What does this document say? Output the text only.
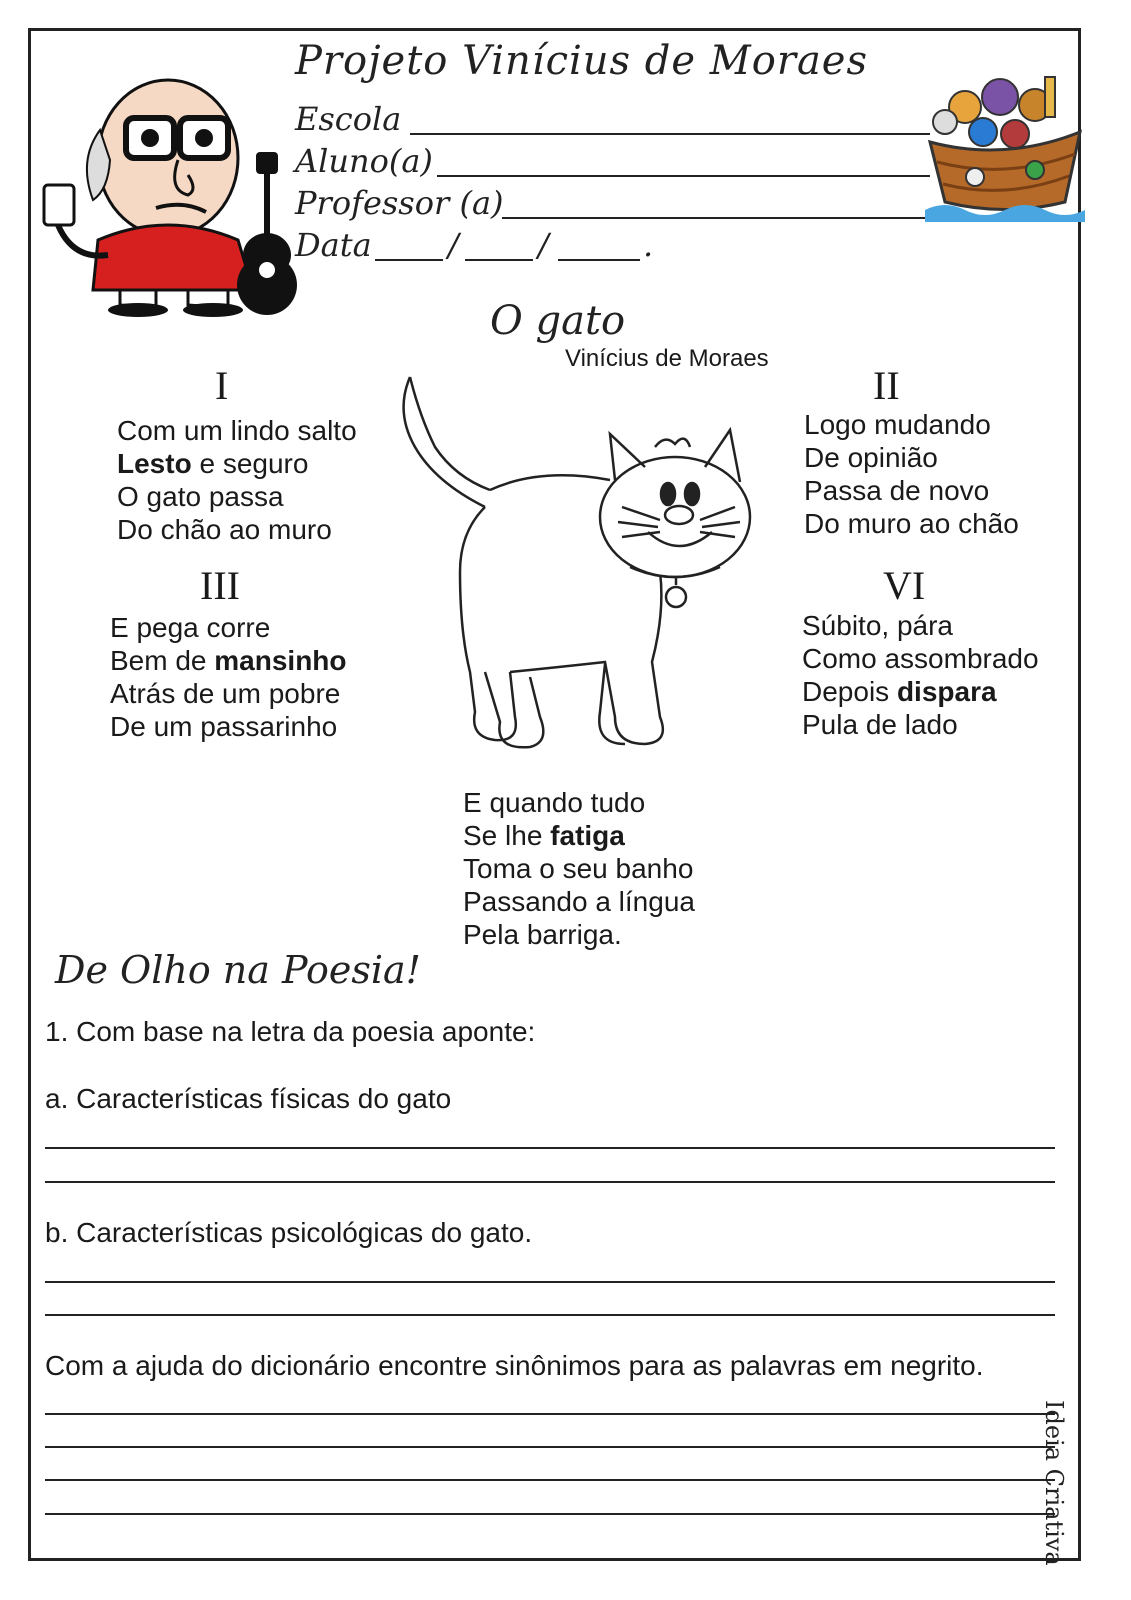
Projeto Vinícius de Moraes
Escola
Aluno(a)
Professor (a)
Data / /	.
O gato
Vinícius de Moraes
I
Com um lindo salto
Lesto e seguro
O gato passa
Do chão ao muro
III
E pega corre
Bem de mansinho
Atrás de um pobre
De um passarinho
II
Logo mudando
De opinião
Passa de novo
Do muro ao chão
VI
Súbito, pára
Como assombrado
Depois dispara
Pula de lado
E quando tudo
Se lhe fatiga
Toma o seu banho
Passando a língua
Pela barriga.
De Olho na Poesia!
1. Com base na letra da poesia aponte:
a. Características físicas do gato
b. Características psicológicas do gato.
Com a ajuda do dicionário encontre sinônimos para as palavras em negrito.
Ideia Criativa
